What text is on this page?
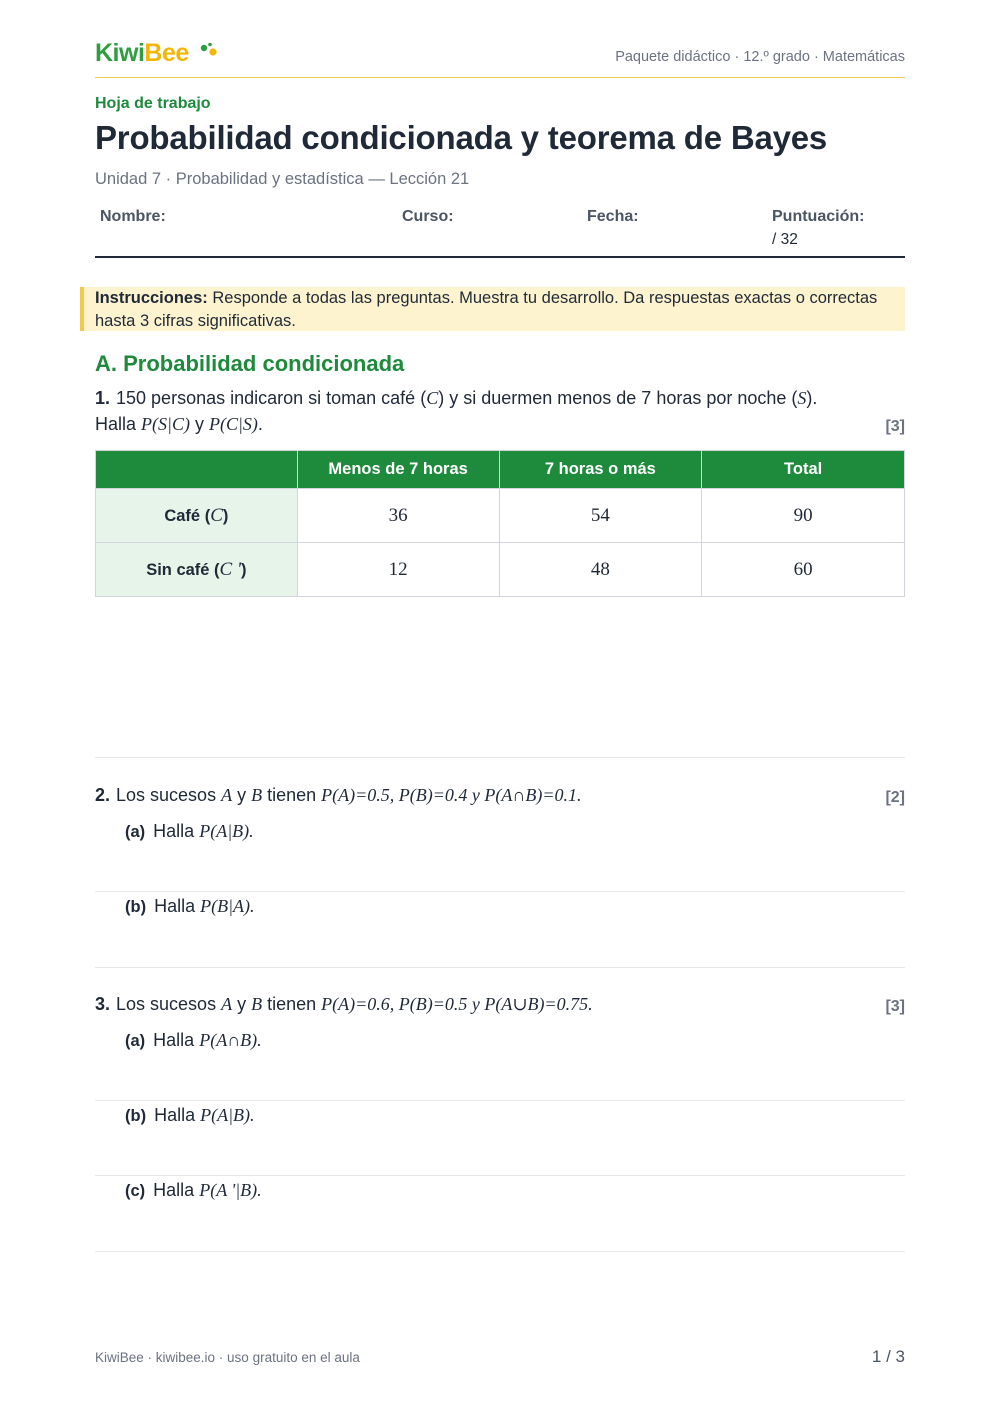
KiwiBee	Paquete didáctico · 12.º grado · Matemáticas
Hoja de trabajo
Probabilidad condicionada y teorema de Bayes
Unidad 7 · Probabilidad y estadística — Lección 21
Nombre:	Curso:	Fecha:	Puntuación:
/ 32
Instrucciones: Responde a todas las preguntas. Muestra tu desarrollo. Da respuestas exactas o correctas hasta 3 cifras significativas.
A. Probabilidad condicionada
1. 150 personas indicaron si toman café (C) y si duermen menos de 7 horas por noche (S).
Halla P(S|C) y P(C|S).	[3]
	Menos de 7 horas	7 horas o más	Total
Café (C)	36	54	90
Sin café (C ')	12	48	60
2. Los sucesos A y B tienen P(A)=0.5, P(B)=0.4 y P(A∩B)=0.1.	[2]
(a) Halla P(A|B).
(b) Halla P(B|A).
3. Los sucesos A y B tienen P(A)=0.6, P(B)=0.5 y P(A∪B)=0.75.	[3]
(a) Halla P(A∩B).
(b) Halla P(A|B).
(c) Halla P(A '|B).
KiwiBee · kiwibee.io · uso gratuito en el aula	1 / 3
